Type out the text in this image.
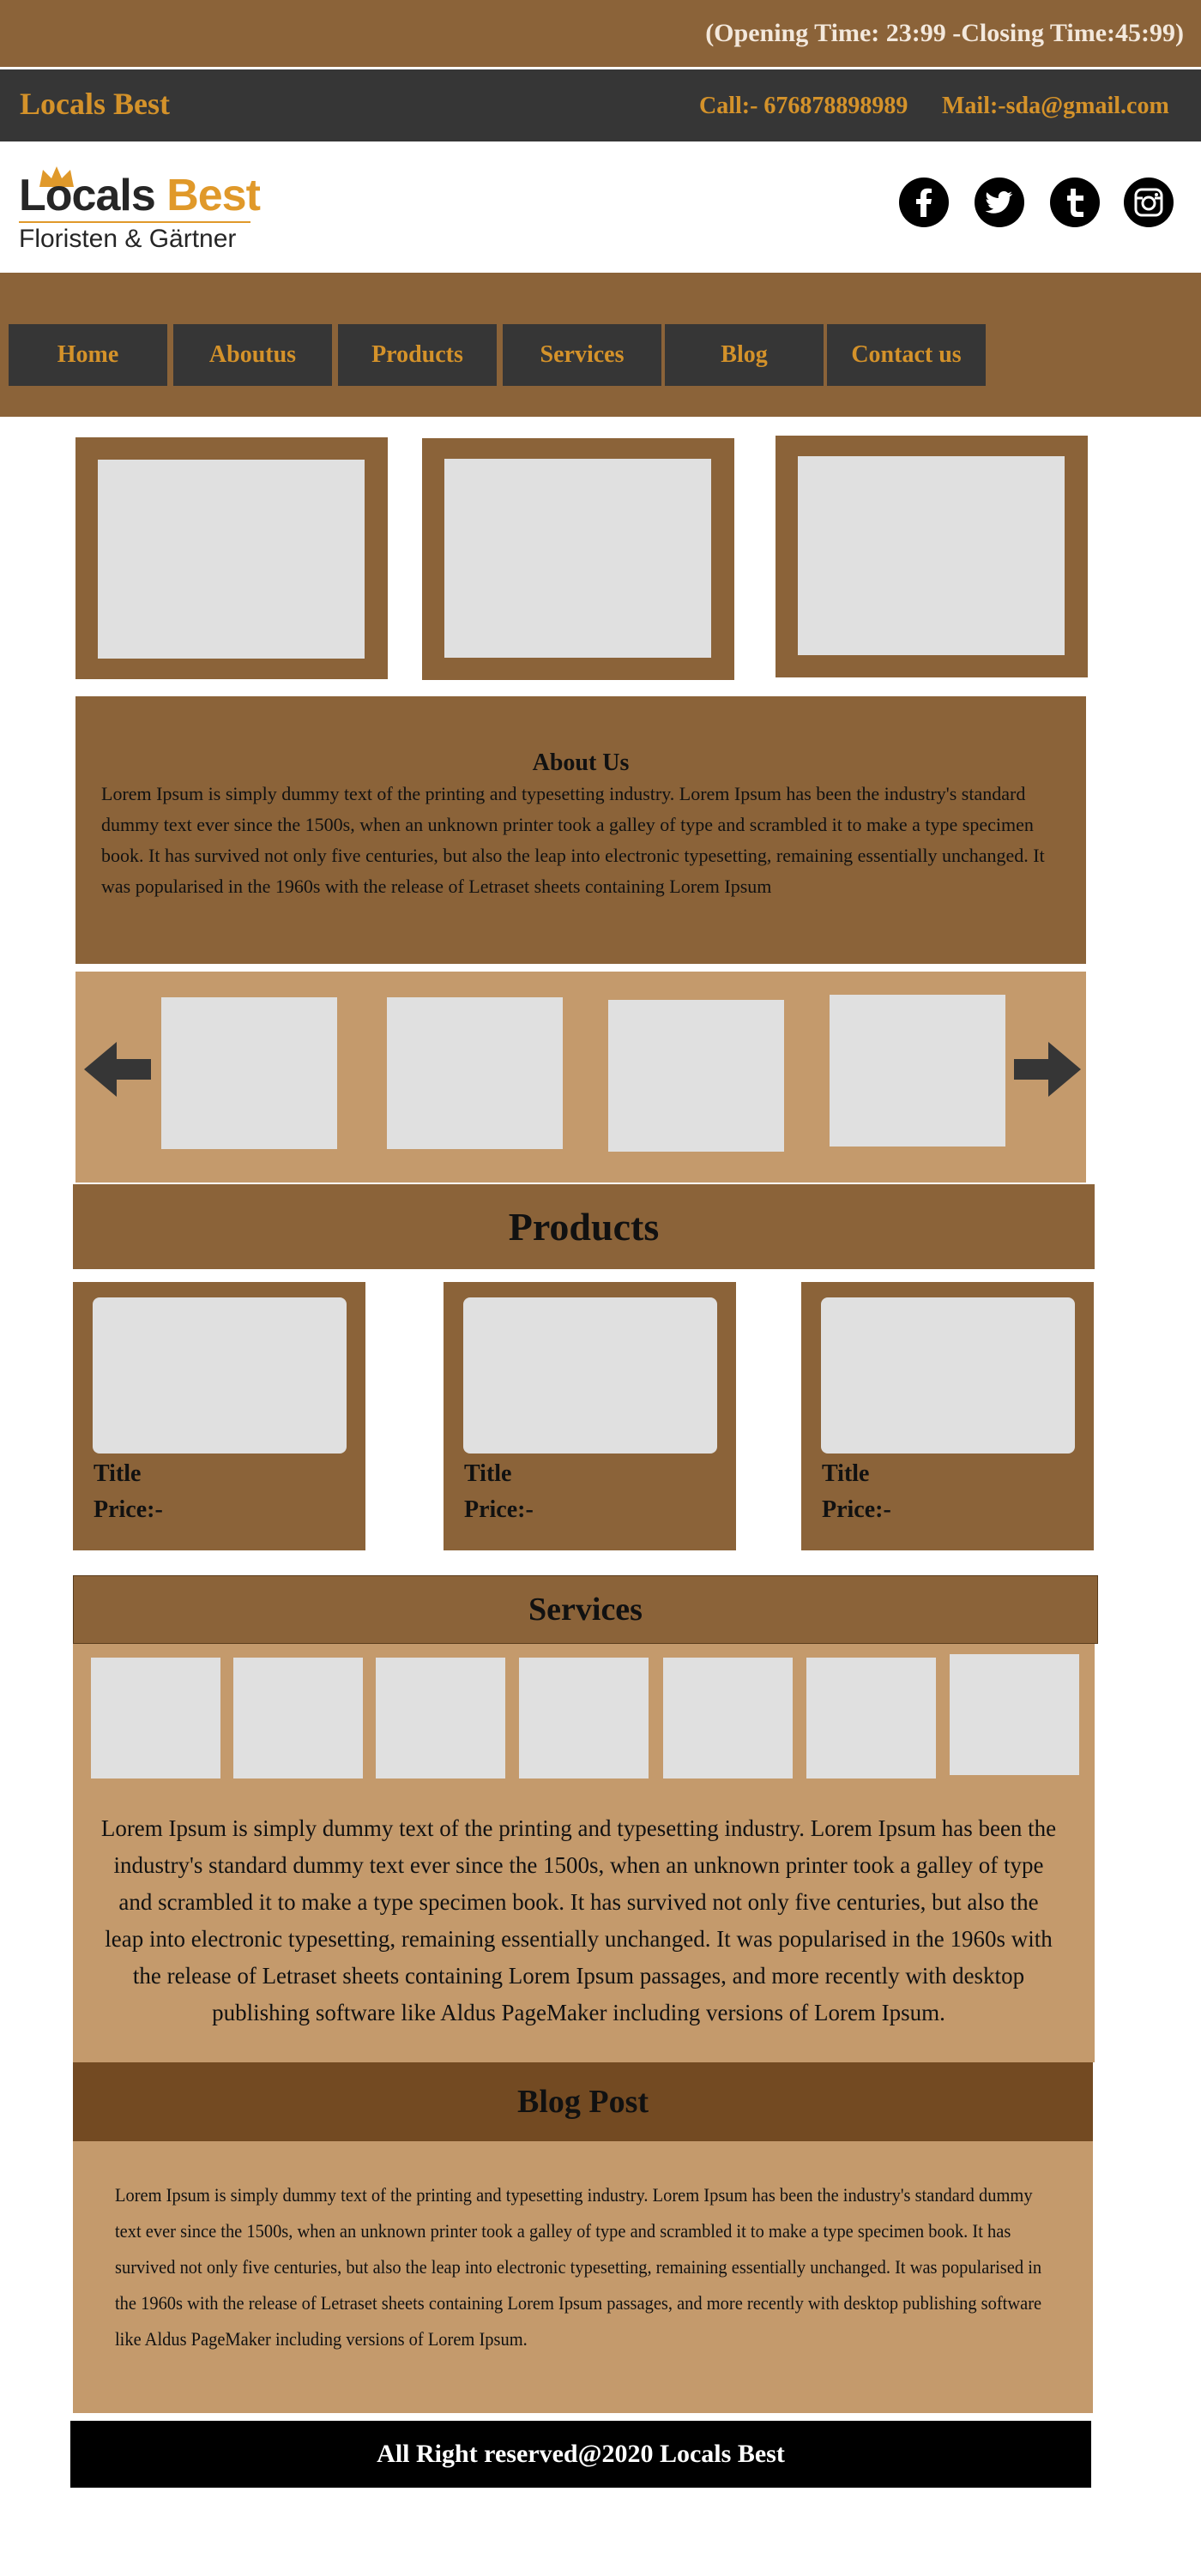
(Opening Time: 23:99 -Closing Time:45:99)
Locals Best	Call:- 676878898989 Mail:-sda@gmail.com
Locals Best
Floristen & Gärtner
Home	Aboutus	Products	Services	Blog	Contact us
About Us
Lorem Ipsum is simply dummy text of the printing and typesetting industry. Lorem Ipsum has been the industry's standard dummy text ever since the 1500s, when an unknown printer took a galley of type and scrambled it to make a type specimen book. It has survived not only five centuries, but also the leap into electronic typesetting, remaining essentially unchanged. It was popularised in the 1960s with the release of Letraset sheets containing Lorem Ipsum
Products
Title
Price:-
Title
Price:-
Title
Price:-
Services
Lorem Ipsum is simply dummy text of the printing and typesetting industry. Lorem Ipsum has been the industry's standard dummy text ever since the 1500s, when an unknown printer took a galley of type and scrambled it to make a type specimen book. It has survived not only five centuries, but also the leap into electronic typesetting, remaining essentially unchanged. It was popularised in the 1960s with the release of Letraset sheets containing Lorem Ipsum passages, and more recently with desktop publishing software like Aldus PageMaker including versions of Lorem Ipsum.
Blog Post
Lorem Ipsum is simply dummy text of the printing and typesetting industry. Lorem Ipsum has been the industry's standard dummy text ever since the 1500s, when an unknown printer took a galley of type and scrambled it to make a type specimen book. It has survived not only five centuries, but also the leap into electronic typesetting, remaining essentially unchanged. It was popularised in the 1960s with the release of Letraset sheets containing Lorem Ipsum passages, and more recently with desktop publishing software like Aldus PageMaker including versions of Lorem Ipsum.
All Right reserved@2020 Locals Best
